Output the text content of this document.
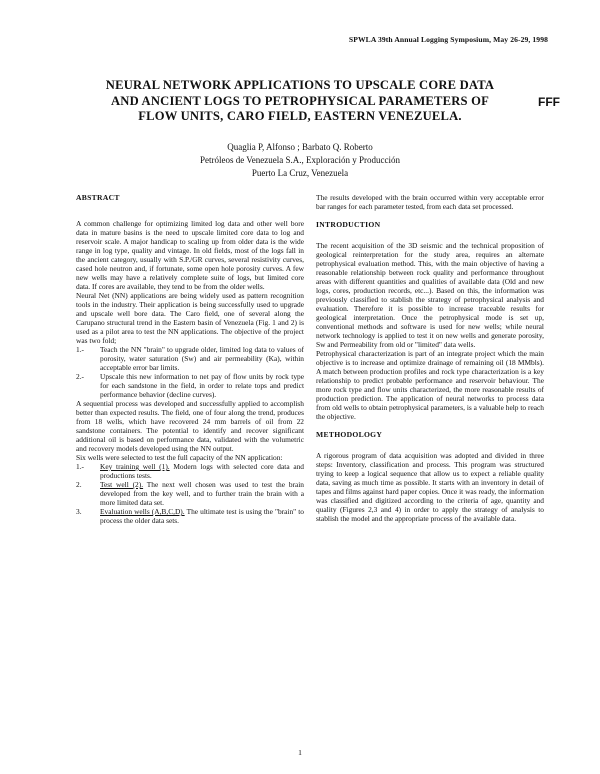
SPWLA 39th Annual Logging Symposium, May 26-29, 1998
NEURAL NETWORK APPLICATIONS TO UPSCALE CORE DATA
AND ANCIENT LOGS TO PETROPHYSICAL PARAMETERS OF
FLOW UNITS, CARO FIELD, EASTERN VENEZUELA.
FFF
Quaglia P, Alfonso ; Barbato Q. Roberto
Petróleos de Venezuela S.A., Exploración y Producción
Puerto La Cruz, Venezuela
ABSTRACT

A common challenge for optimizing limited log data and other well bore data in mature basins is the need to upscale limited core data to log and reservoir scale. A major handicap to scaling up from older data is the wide range in log type, quality and vintage. In old fields, most of the logs fall in the ancient category, usually with S.P./GR curves, several resistivity curves, cased hole neutron and, if fortunate, some open hole porosity curves. A few new wells may have a relatively complete suite of logs, but limited core data. If cores are available, they tend to be from the older wells.

Neural Net (NN) applications are being widely used as pattern recognition tools in the industry. Their application is being successfully used to upgrade and upscale well bore data. The Caro field, one of several along the Carupano structural trend in the Eastern basin of Venezuela (Fig. 1 and 2) is used as a pilot area to test the NN applications. The objective of the project was two fold;

1.-	Teach the NN "brain" to upgrade older, limited log data to values of porosity, water saturation (Sw) and air permeability (Ka), within acceptable error bar limits.
2.-	Upscale this new information to net pay of flow units by rock type for each sandstone in the field, in order to relate tops and predict performance behavior (decline curves).

A sequential process was developed and successfully applied to accomplish better than expected results. The field, one of four along the trend, produces from 18 wells, which have recovered 24 mm barrels of oil from 22 sandstone containers. The potential to identify and recover significant additional oil is based on performance data, validated with the volumetric and recovery models developed using the NN output.

Six wells were selected to test the full capacity of the NN application:

1.-	Key training well (1). Modern logs with selected core data and productions tests.
2.	Test well (2). The next well chosen was used to test the brain developed from the key well, and to further train the brain with a more limited data set.
3.	Evaluation wells (A,B,C,D). The ultimate test is using the "brain" to process the older data sets.

The results developed with the brain occurred within very acceptable error bar ranges for each parameter tested, from each data set processed.

INTRODUCTION

The recent acquisition of the 3D seismic and the technical proposition of geological reinterpretation for the study area, requires an alternate petrophysical evaluation method. This, with the main objective of having a reasonable relationship between rock quality and performance throughout areas with different quantities and qualities of available data (Old and new logs, cores, production records, etc...). Based on this, the information was previously classified to stablish the strategy of petrophysical analysis and evaluation. Therefore it is possible to increase traceable results for geological interpretation. Once the petrophysical mode is set up, conventional methods and software is used for new wells; while neural network technology is applied to test it on new wells and generate porosity, Sw and Permeability from old or "limited" data wells.

Petrophysical characterization is part of an integrate project which the main objective is to increase and optimize drainage of remaining oil (18 MMbls). A match between production profiles and rock type characterization is a key relationship to predict probable performance and reservoir behaviour. The more rock type and flow units characterized, the more reasonable results of production prediction. The application of neural networks to process data from old wells to obtain petrophysical parameters, is a valuable help to reach the objective.

METHODOLOGY

A rigorous program of data acquisition was adopted and divided in three steps: Inventory, classification and process. This program was structured trying to keep a logical sequence that allow us to expect a reliable quality data, saving as much time as possible. It starts with an inventory in detail of tapes and films against hard paper copies. Once it was ready, the information was classified and digitized according to the criteria of age, quantity and quality (Figures 2,3 and 4) in order to apply the strategy of analysis to stablish the model and the appropriate process of the available data.

1
